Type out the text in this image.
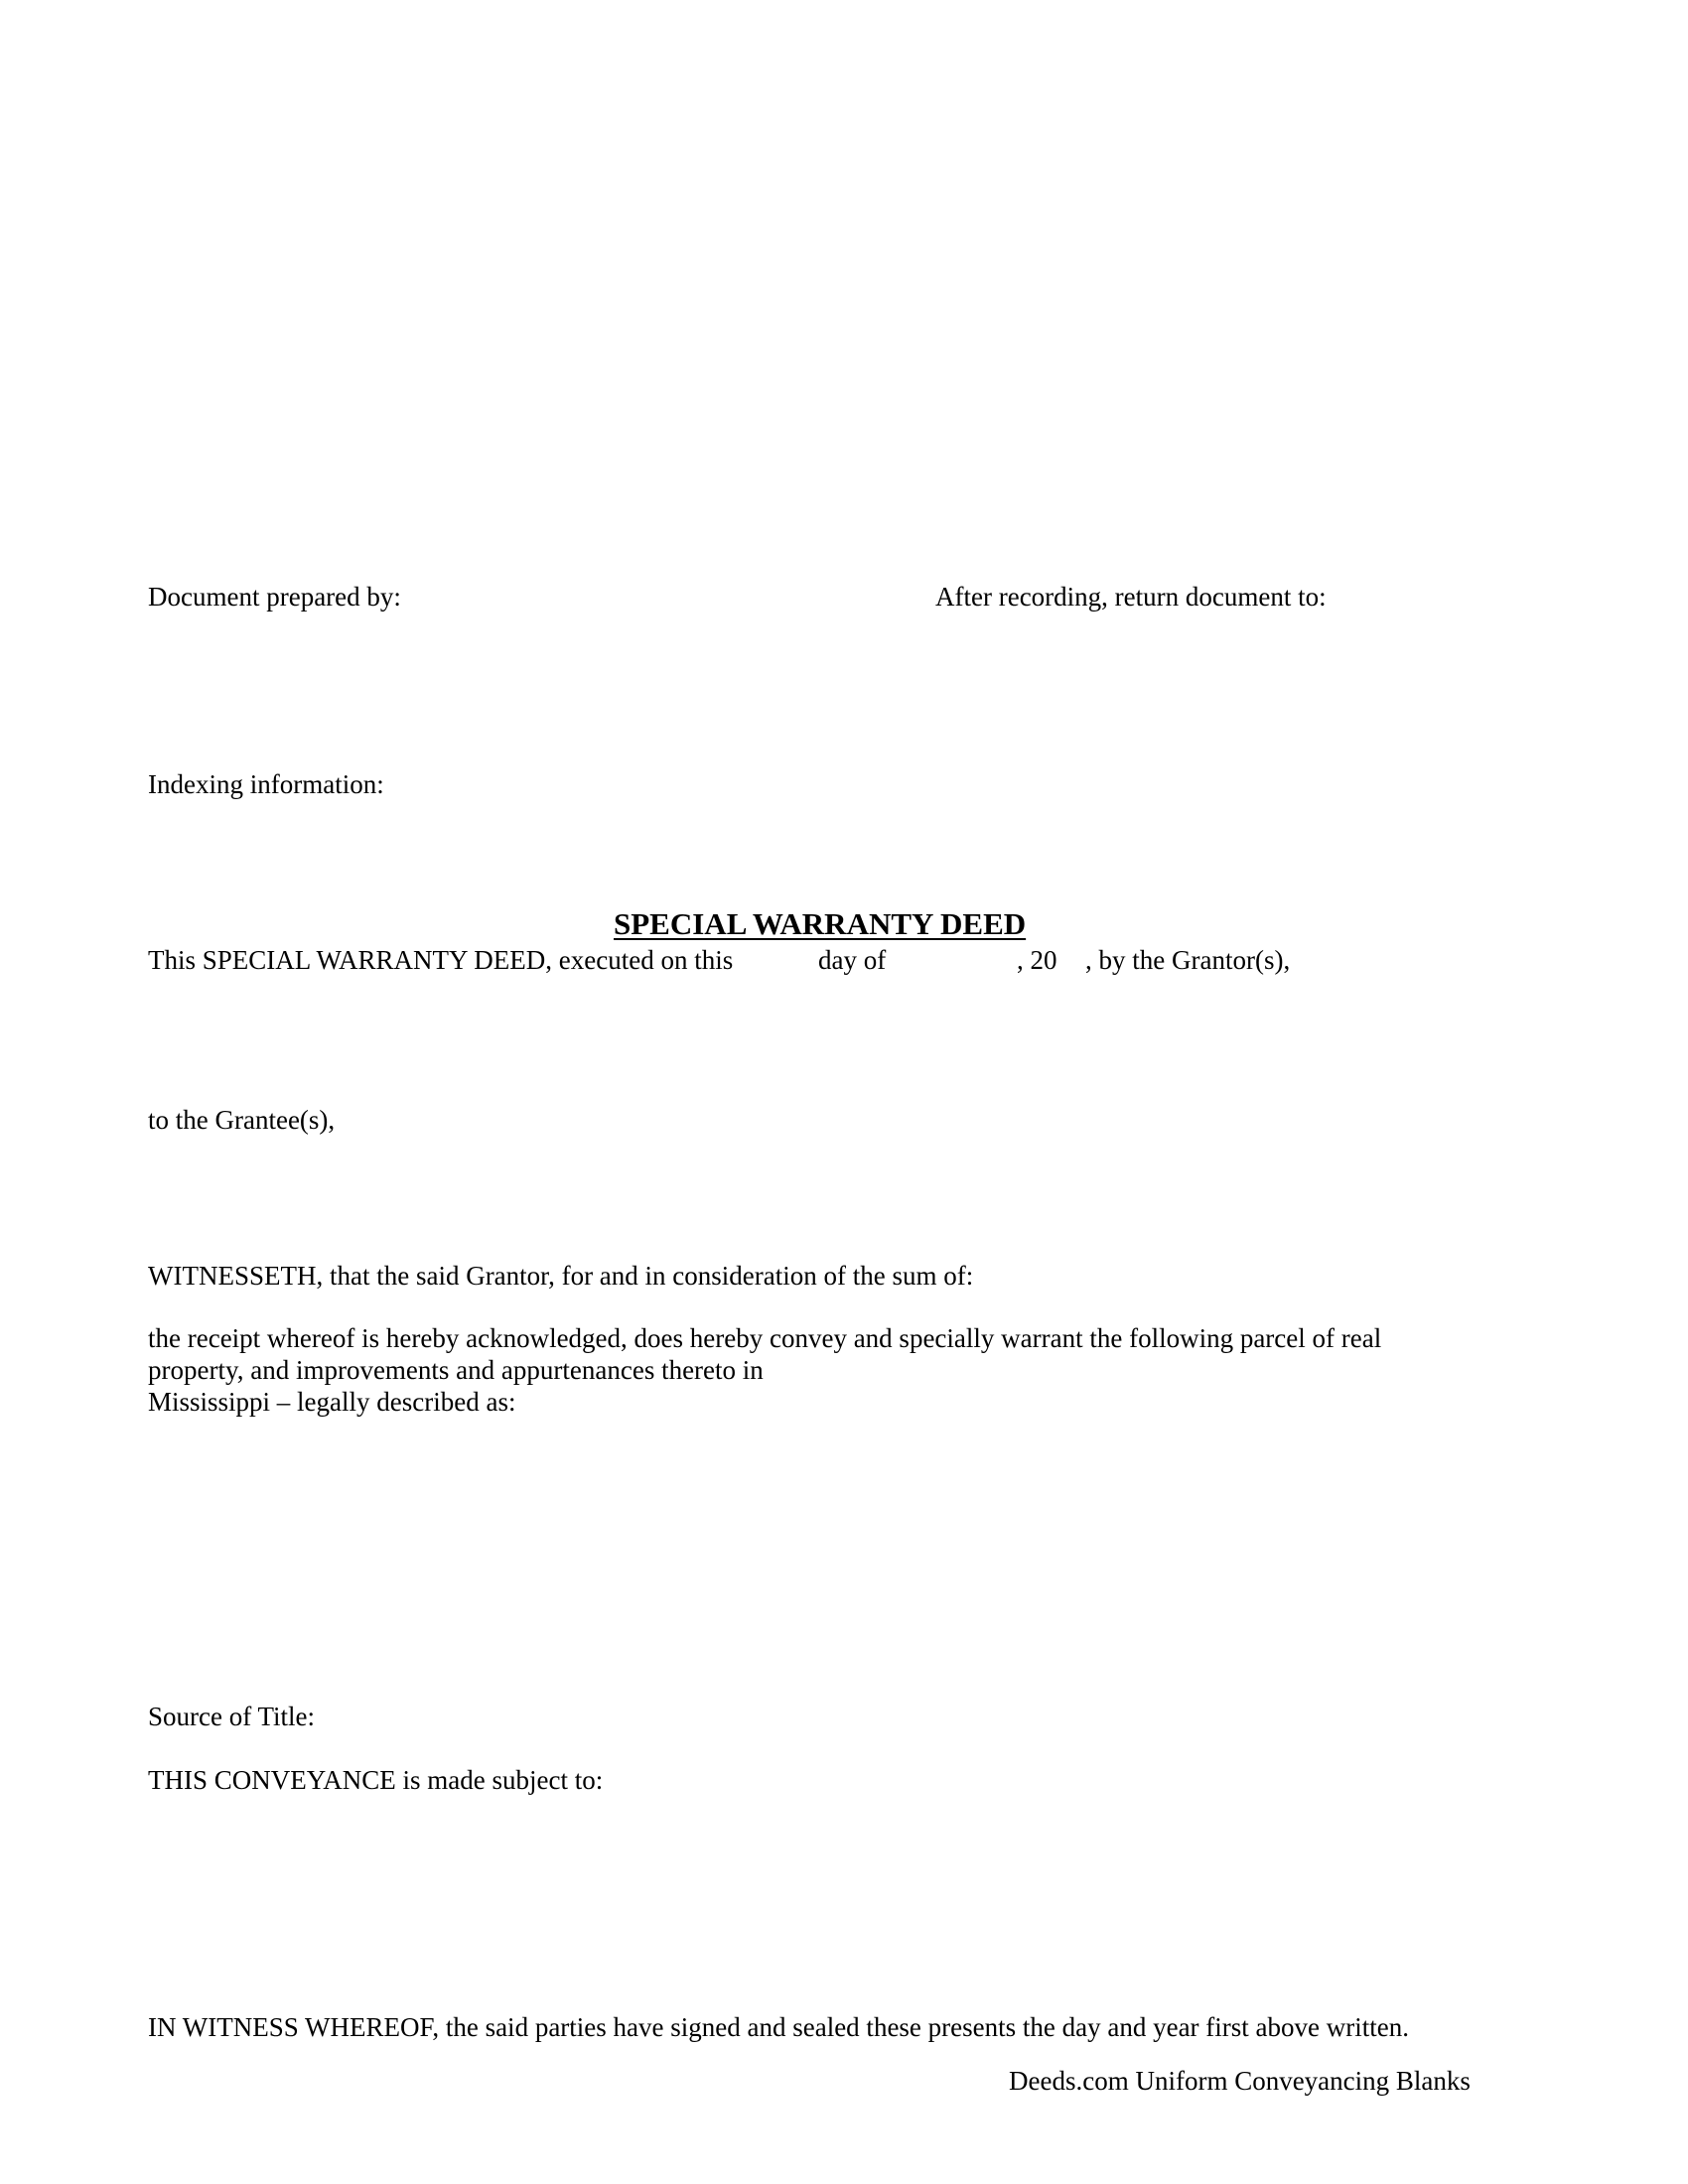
Document prepared by:	After recording, return document to:

Indexing information:

SPECIAL WARRANTY DEED

This SPECIAL WARRANTY DEED, executed on this	day of	, 20 , by the Grantor(s),

to the Grantee(s),

WITNESSETH, that the said Grantor, for and in consideration of the sum of:

the receipt whereof is hereby acknowledged, does hereby convey and specially warrant the following parcel of real

property, and improvements and appurtenances thereto in

Mississippi – legally described as:

Source of Title:

THIS CONVEYANCE is made subject to:

IN WITNESS WHEREOF, the said parties have signed and sealed these presents the day and year first above written.

Deeds.com Uniform Conveyancing Blanks
